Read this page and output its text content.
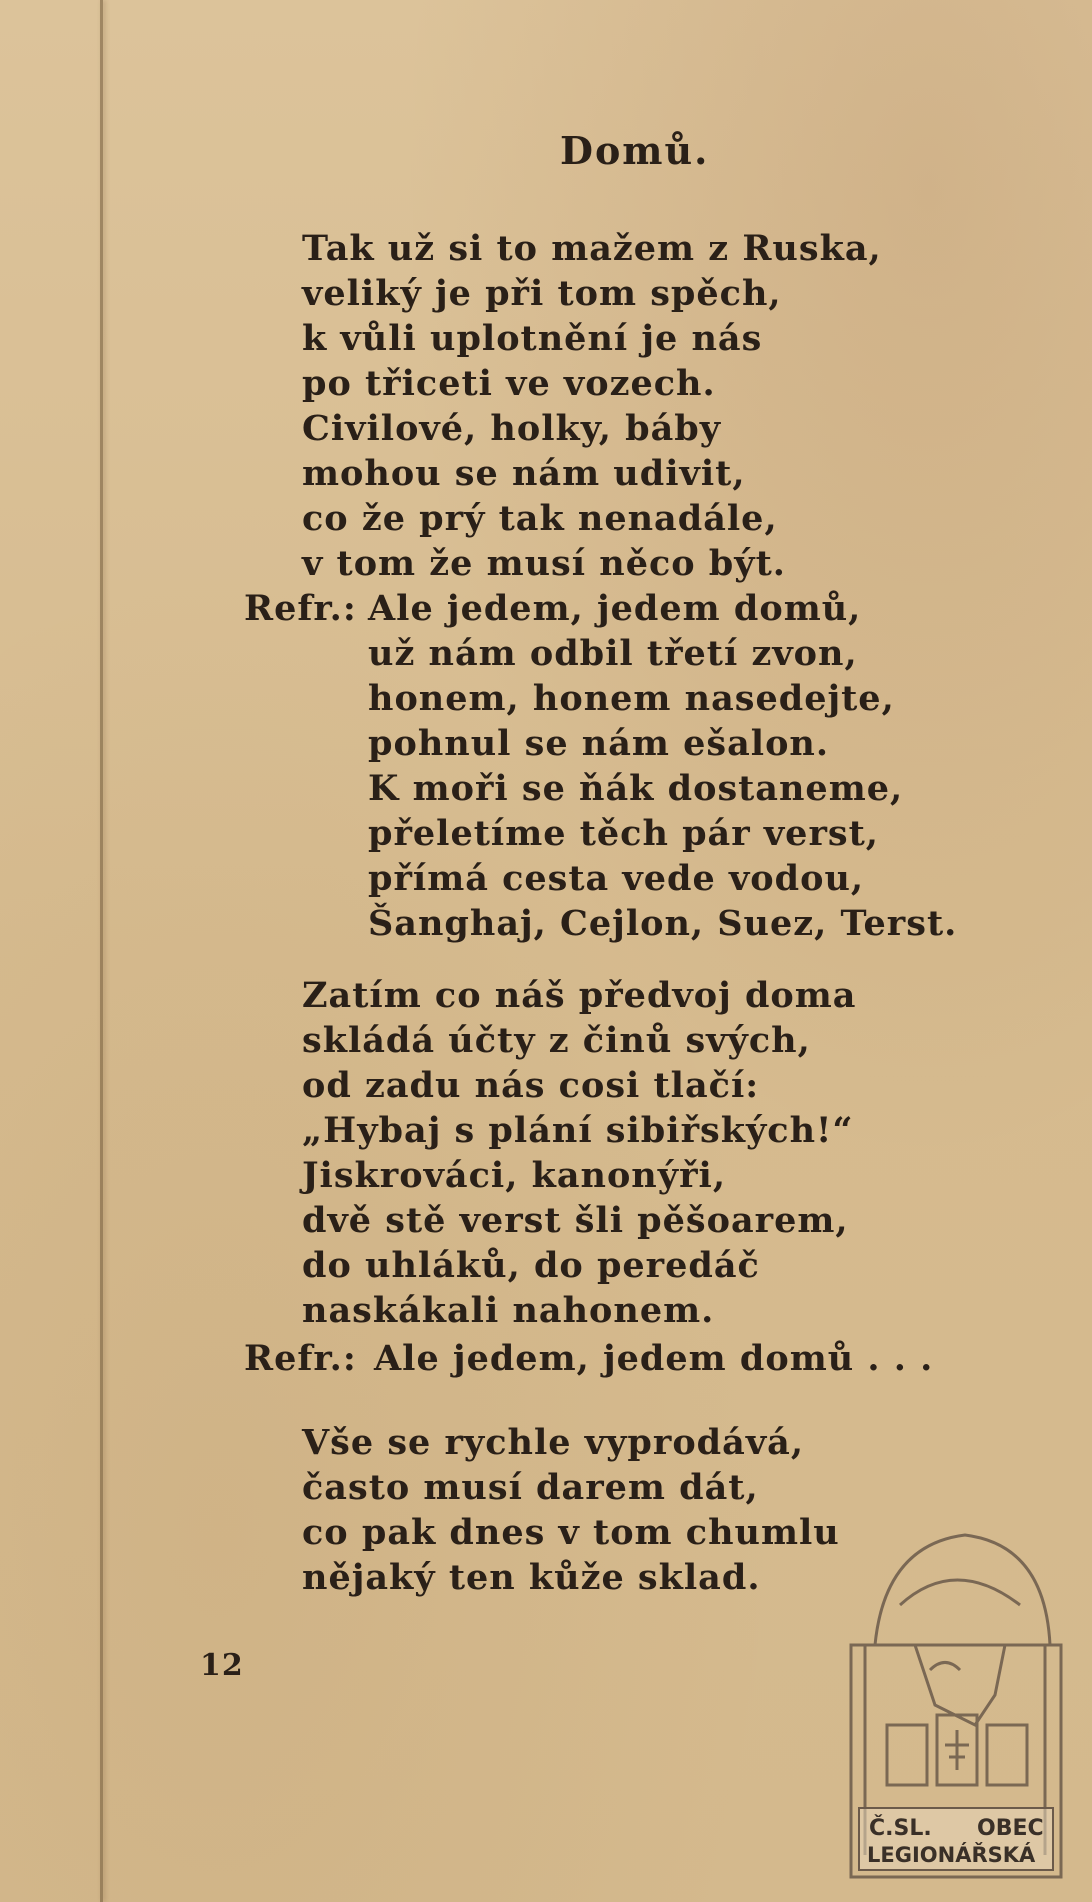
Domů.
Tak už si to mažem z Ruska,
veliký je při tom spěch,
k vůli uplotnění je nás
po třiceti ve vozech.
Civilové, holky, báby
mohou se nám udivit,
co že prý tak nenadále,
v tom že musí něco být.
Refr.: Ale jedem, jedem domů,
už nám odbil třetí zvon,
honem, honem nasedejte,
pohnul se nám ešalon.
K moři se ňák dostaneme,
přeletíme těch pár verst,
přímá cesta vede vodou,
Šanghaj, Cejlon, Suez, Terst.
Zatím co náš předvoj doma
skládá účty z činů svých,
od zadu nás cosi tlačí:
„Hybaj s plání sibiřských!“
Jiskrováci, kanonýři,
dvě stě verst šli pěšoarem,
do uhláků, do peredáč
naskákali nahonem.
Refr.: Ale jedem, jedem domů . . .
Vše se rychle vyprodává,
často musí darem dát,
co pak dnes v tom chumlu
nějaký ten kůže sklad.
12
Č.SL. OBEC
LEGIONÁŘSKÁ
